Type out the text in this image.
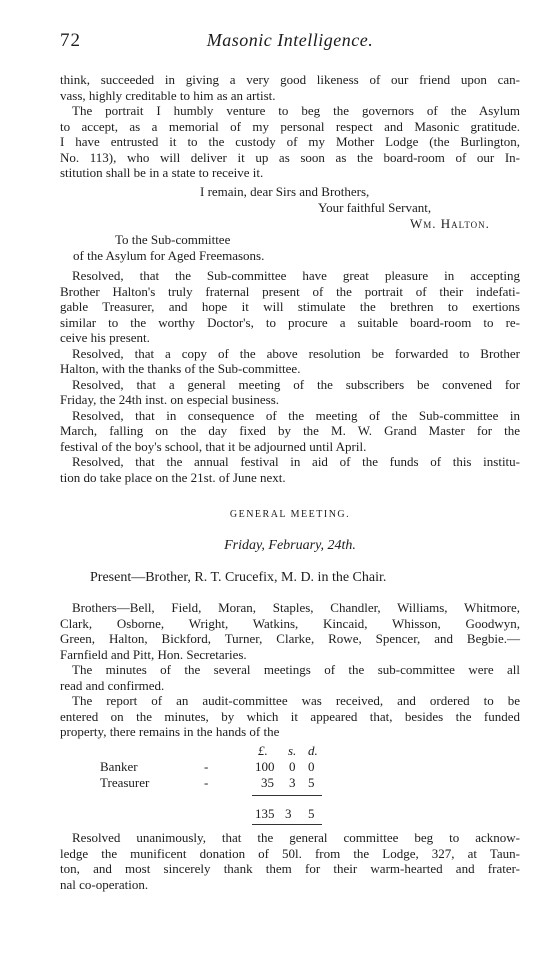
72	Masonic Intelligence.

think, succeeded in giving a very good likeness of our friend upon can-

vass, highly creditable to him as an artist.

The portrait I humbly venture to beg the governors of the Asylum

to accept, as a memorial of my personal respect and Masonic gratitude.

I have entrusted it to the custody of my Mother Lodge (the Burlington,

No. 113), who will deliver it up as soon as the board-room of our In-

stitution shall be in a state to receive it.

I remain, dear Sirs and Brothers,
Your faithful Servant,
Wm. Halton.
To the Sub-committee
of the Asylum for Aged Freemasons.

Resolved, that the Sub-committee have great pleasure in accepting

Brother Halton's truly fraternal present of the portrait of their indefati-

gable Treasurer, and hope it will stimulate the brethren to exertions

similar to the worthy Doctor's, to procure a suitable board-room to re-

ceive his present.

Resolved, that a copy of the above resolution be forwarded to Brother

Halton, with the thanks of the Sub-committee.

Resolved, that a general meeting of the subscribers be convened for

Friday, the 24th inst. on especial business.

Resolved, that in consequence of the meeting of the Sub-committee in

March, falling on the day fixed by the M. W. Grand Master for the

festival of the boy's school, that it be adjourned until April.

Resolved, that the annual festival in aid of the funds of this institu-

tion do take place on the 21st. of June next.

GENERAL MEETING.
Friday, February, 24th.
Present—Brother, R. T. Crucefix, M. D. in the Chair.

Brothers—Bell, Field, Moran, Staples, Chandler, Williams, Whitmore,

Clark, Osborne, Wright, Watkins, Kincaid, Whisson, Goodwyn,

Green, Halton, Bickford, Turner, Clarke, Rowe, Spencer, and Begbie.—

Farnfield and Pitt, Hon. Secretaries.

The minutes of the several meetings of the sub-committee were all

read and confirmed.

The report of an audit-committee was received, and ordered to be

entered on the minutes, by which it appeared that, besides the funded

property, there remains in the hands of the

£. s. d.
Banker	-	100 0 0
Treasurer	-	35 3 5
135 3 5

Resolved unanimously, that the general committee beg to acknow-

ledge the munificent donation of 50l. from the Lodge, 327, at Taun-

ton, and most sincerely thank them for their warm-hearted and frater-

nal co-operation.
